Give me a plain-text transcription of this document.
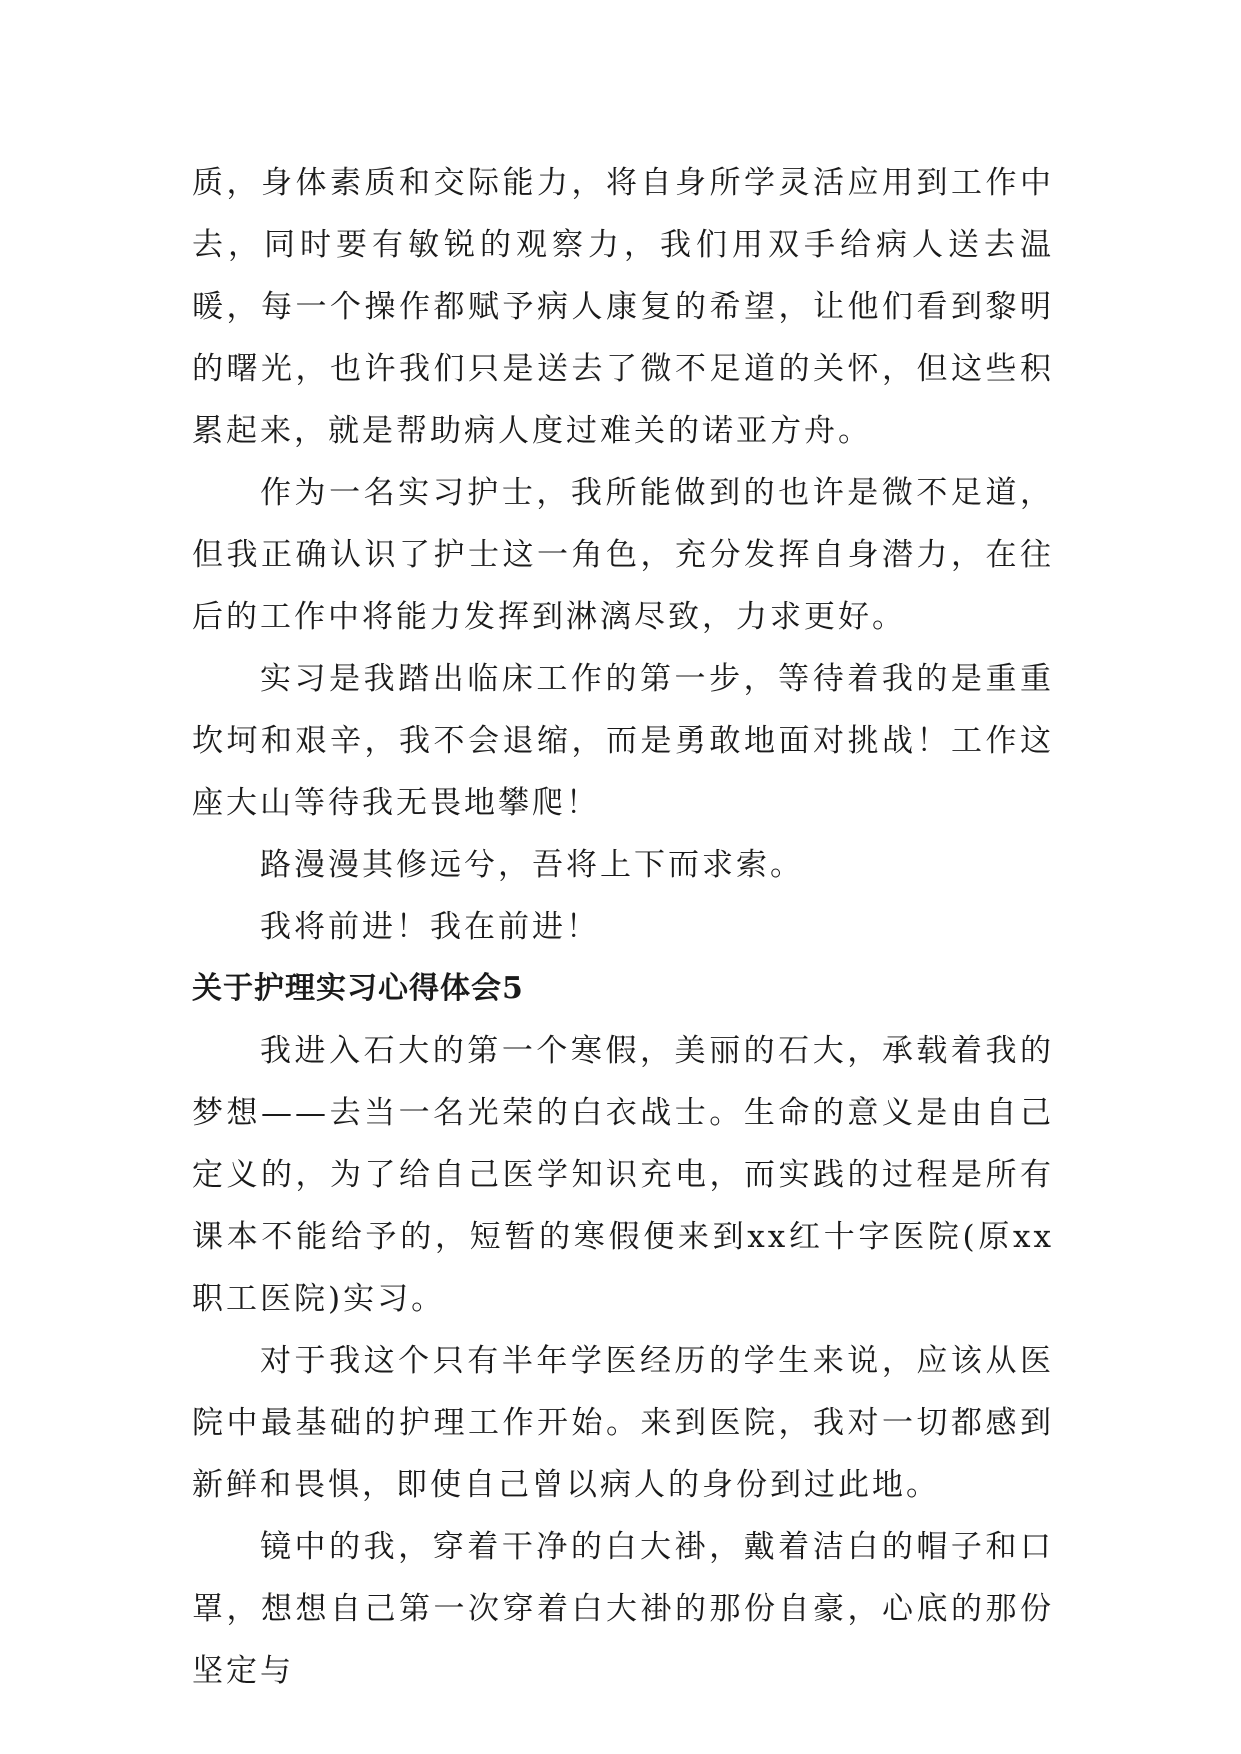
质，身体素质和交际能力，将自身所学灵活应用到工作中去，同时要有敏锐的观察力，我们用双手给病人送去温暖，每一个操作都赋予病人康复的希望，让他们看到黎明的曙光，也许我们只是送去了微不足道的关怀，但这些积累起来，就是帮助病人度过难关的诺亚方舟。

作为一名实习护士，我所能做到的也许是微不足道，但我正确认识了护士这一角色，充分发挥自身潜力，在往后的工作中将能力发挥到淋漓尽致，力求更好。

实习是我踏出临床工作的第一步，等待着我的是重重坎坷和艰辛，我不会退缩，而是勇敢地面对挑战！工作这座大山等待我无畏地攀爬！

路漫漫其修远兮，吾将上下而求索。

我将前进！我在前进！

关于护理实习心得体会5

我进入石大的第一个寒假，美丽的石大，承载着我的梦想——去当一名光荣的白衣战士。生命的意义是由自己定义的，为了给自己医学知识充电，而实践的过程是所有课本不能给予的，短暂的寒假便来到xx红十字医院(原xx职工医院)实习。

对于我这个只有半年学医经历的学生来说，应该从医院中最基础的护理工作开始。来到医院，我对一切都感到新鲜和畏惧，即使自己曾以病人的身份到过此地。

镜中的我，穿着干净的白大褂，戴着洁白的帽子和口罩，想想自己第一次穿着白大褂的那份自豪，心底的那份坚定与
